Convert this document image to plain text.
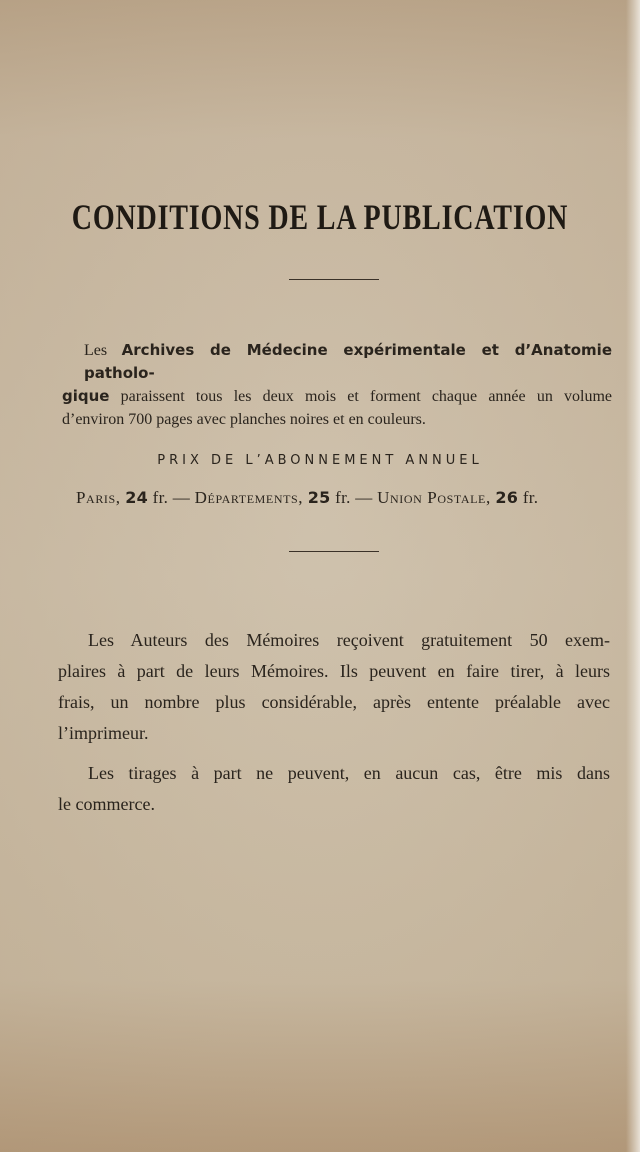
CONDITIONS DE LA PUBLICATION
Les Archives de Médecine expérimentale et d’Anatomie patholo-
gique paraissent tous les deux mois et forment chaque année un volume
d’environ 700 pages avec planches noires et en couleurs.
PRIX DE L’ABONNEMENT ANNUEL
Paris, 24 fr. — Départements, 25 fr. — Union Postale, 26 fr.
Les Auteurs des Mémoires reçoivent gratuitement 50 exem-
plaires à part de leurs Mémoires. Ils peuvent en faire tirer, à leurs
frais, un nombre plus considérable, après entente préalable avec
l’imprimeur.
Les tirages à part ne peuvent, en aucun cas, être mis dans
le commerce.
